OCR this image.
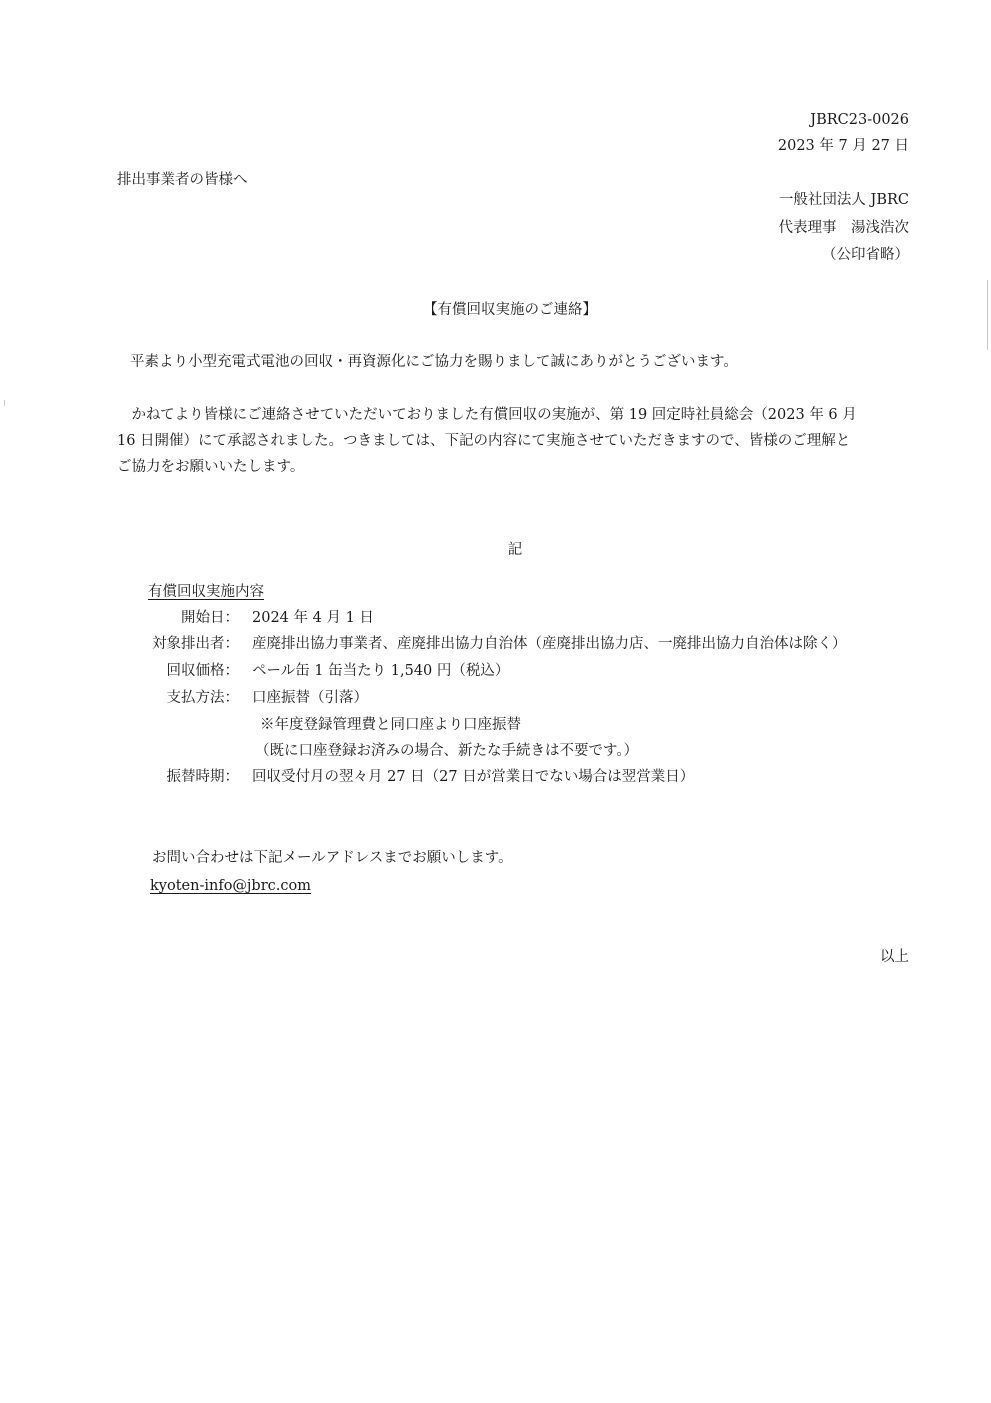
JBRC23-0026
2023 年 7 月 27 日
排出事業者の皆様へ
一般社団法人 JBRC
代表理事　湯浅浩次
（公印省略）
【有償回収実施のご連絡】
平素より小型充電式電池の回収・再資源化にご協力を賜りまして誠にありがとうございます。
　かねてより皆様にご連絡させていただいておりました有償回収の実施が、第 19 回定時社員総会（2023 年 6 月
16 日開催）にて承認されました。つきましては、下記の内容にて実施させていただきますので、皆様のご理解と
ご協力をお願いいたします。
記
有償回収実施内容
開始日： 2024 年 4 月 1 日
対象排出者： 産廃排出協力事業者、産廃排出協力自治体（産廃排出協力店、一廃排出協力自治体は除く）
回収価格： ペール缶 1 缶当たり 1,540 円（税込）
支払方法： 口座振替（引落）
※年度登録管理費と同口座より口座振替
（既に口座登録お済みの場合、新たな手続きは不要です。）
振替時期： 回収受付月の翌々月 27 日（27 日が営業日でない場合は翌営業日）
お問い合わせは下記メールアドレスまでお願いします。
kyoten-info@jbrc.com
以上
